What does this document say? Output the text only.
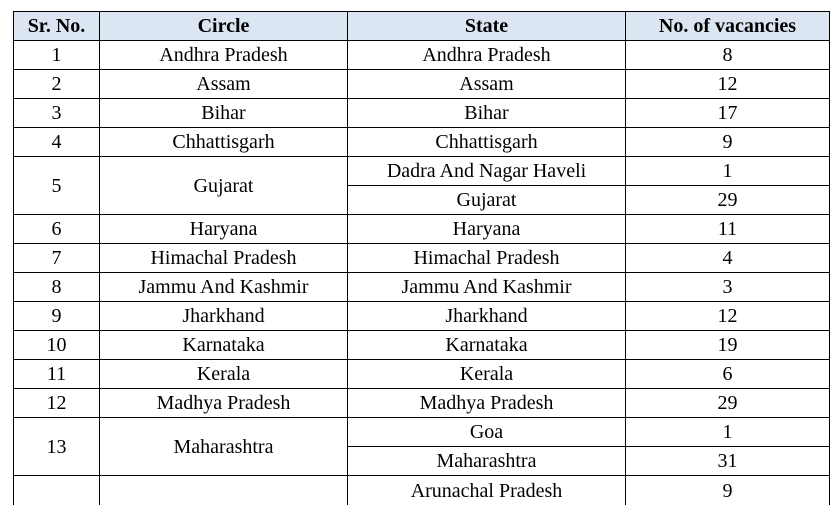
Sr. No.	Circle	State	No. of vacancies
1	Andhra Pradesh	Andhra Pradesh	8
2	Assam	Assam	12
3	Bihar	Bihar	17
4	Chhattisgarh	Chhattisgarh	9
5	Gujarat	Dadra And Nagar Haveli	1
		Gujarat	29
6	Haryana	Haryana	11
7	Himachal Pradesh	Himachal Pradesh	4
8	Jammu And Kashmir	Jammu And Kashmir	3
9	Jharkhand	Jharkhand	12
10	Karnataka	Karnataka	19
11	Kerala	Kerala	6
12	Madhya Pradesh	Madhya Pradesh	29
13	Maharashtra	Goa	1
		Maharashtra	31
		Arunachal Pradesh	9
